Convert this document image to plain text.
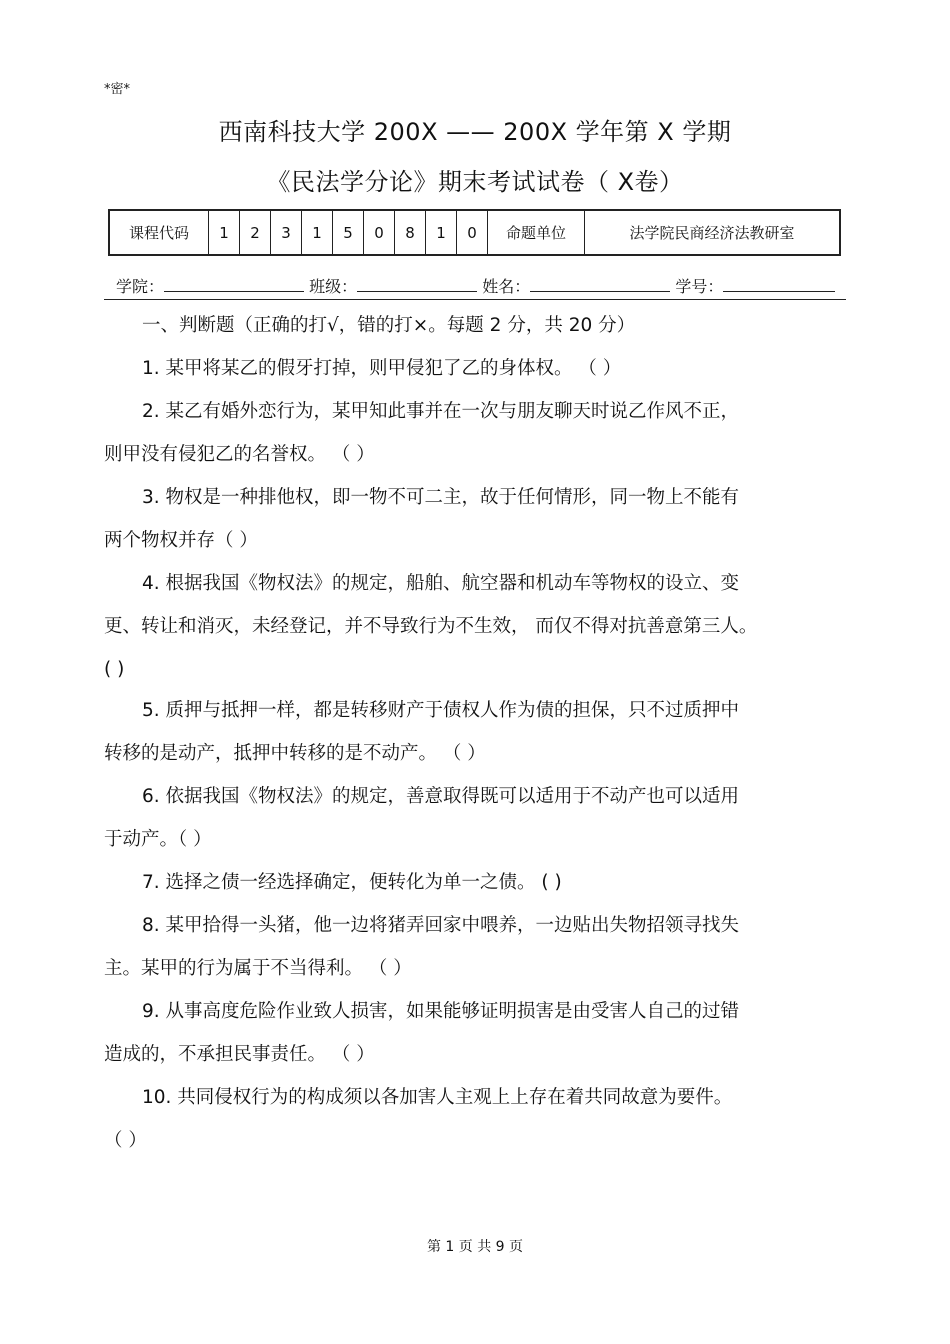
*密*
西南科技大学 200X —— 200X 学年第 X 学期
《民法学分论》期末考试试卷（ X卷）
课程代码	1	2	3	1	5	0	8	1	0	命题单位	法学院民商经济法教研室
学院：	班级：	姓名：	学号：
一、判断题（正确的打√，错的打×。每题 2 分，共 20 分）
1. 某甲将某乙的假牙打掉，则甲侵犯了乙的身体权。 （ ）
2. 某乙有婚外恋行为，某甲知此事并在一次与朋友聊天时说乙作风不正，
则甲没有侵犯乙的名誉权。 （ ）
3. 物权是一种排他权，即一物不可二主，故于任何情形，同一物上不能有
两个物权并存（ ）
4. 根据我国《物权法》的规定，船舶、航空器和机动车等物权的设立、变
更、转让和消灭，未经登记，并不导致行为不生效， 而仅不得对抗善意第三人。
( )
5. 质押与抵押一样，都是转移财产于债权人作为债的担保，只不过质押中
转移的是动产，抵押中转移的是不动产。 （ ）
6. 依据我国《物权法》的规定，善意取得既可以适用于不动产也可以适用
于动产。（ ）
7. 选择之债一经选择确定，便转化为单一之债。 ( )
8. 某甲拾得一头猪，他一边将猪弄回家中喂养，一边贴出失物招领寻找失
主。某甲的行为属于不当得利。 （ ）
9. 从事高度危险作业致人损害，如果能够证明损害是由受害人自己的过错
造成的，不承担民事责任。 （ ）
10. 共同侵权行为的构成须以各加害人主观上上存在着共同故意为要件。
（ ）
第 1 页 共 9 页
